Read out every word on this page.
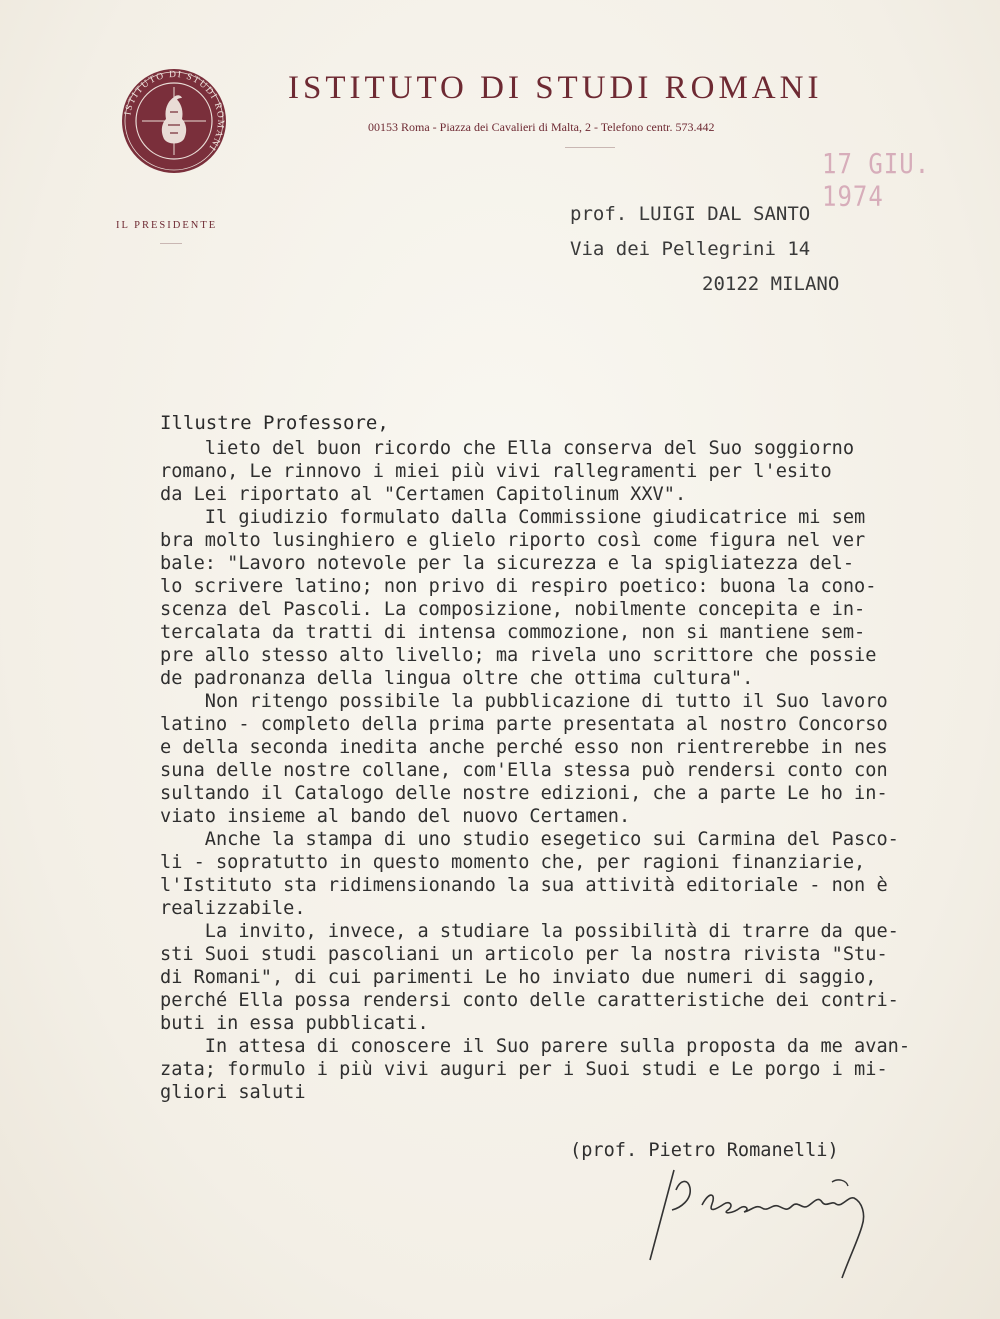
ISTITUTO DI STUDI ROMANI
ISTITUTO DI STUDI ROMANI
00153 Roma - Piazza dei Cavalieri di Malta, 2 - Telefono centr. 573.442
IL PRESIDENTE
17 GIU. 1974
prof. LUIGI DAL SANTO
Via dei Pellegrini 14
20122 MILANO
Illustre Professore,

lieto del buon ricordo che Ella conserva del Suo soggiorno
romano, Le rinnovo i miei più vivi rallegramenti per l'esito
da Lei riportato al "Certamen Capitolinum XXV".
Il giudizio formulato dalla Commissione giudicatrice mi sem
bra molto lusinghiero e glielo riporto così come figura nel ver
bale: "Lavoro notevole per la sicurezza e la spigliatezza del-
lo scrivere latino; non privo di respiro poetico: buona la cono-
scenza del Pascoli. La composizione, nobilmente concepita e in-
tercalata da tratti di intensa commozione, non si mantiene sem-
pre allo stesso alto livello; ma rivela uno scrittore che possie
de padronanza della lingua oltre che ottima cultura".
Non ritengo possibile la pubblicazione di tutto il Suo lavoro
latino - completo della prima parte presentata al nostro Concorso
e della seconda inedita anche perché esso non rientrerebbe in nes
suna delle nostre collane, com'Ella stessa può rendersi conto con
sultando il Catalogo delle nostre edizioni, che a parte Le ho in-
viato insieme al bando del nuovo Certamen.
Anche la stampa di uno studio esegetico sui Carmina del Pasco-
li - sopratutto in questo momento che, per ragioni finanziarie,
l'Istituto sta ridimensionando la sua attività editoriale - non è
realizzabile.
La invito, invece, a studiare la possibilità di trarre da que-
sti Suoi studi pascoliani un articolo per la nostra rivista "Stu-
di Romani", di cui parimenti Le ho inviato due numeri di saggio,
perché Ella possa rendersi conto delle caratteristiche dei contri-
buti in essa pubblicati.
In attesa di conoscere il Suo parere sulla proposta da me avan-
zata; formulo i più vivi auguri per i Suoi studi e Le porgo i mi-
gliori saluti
(prof. Pietro Romanelli)
